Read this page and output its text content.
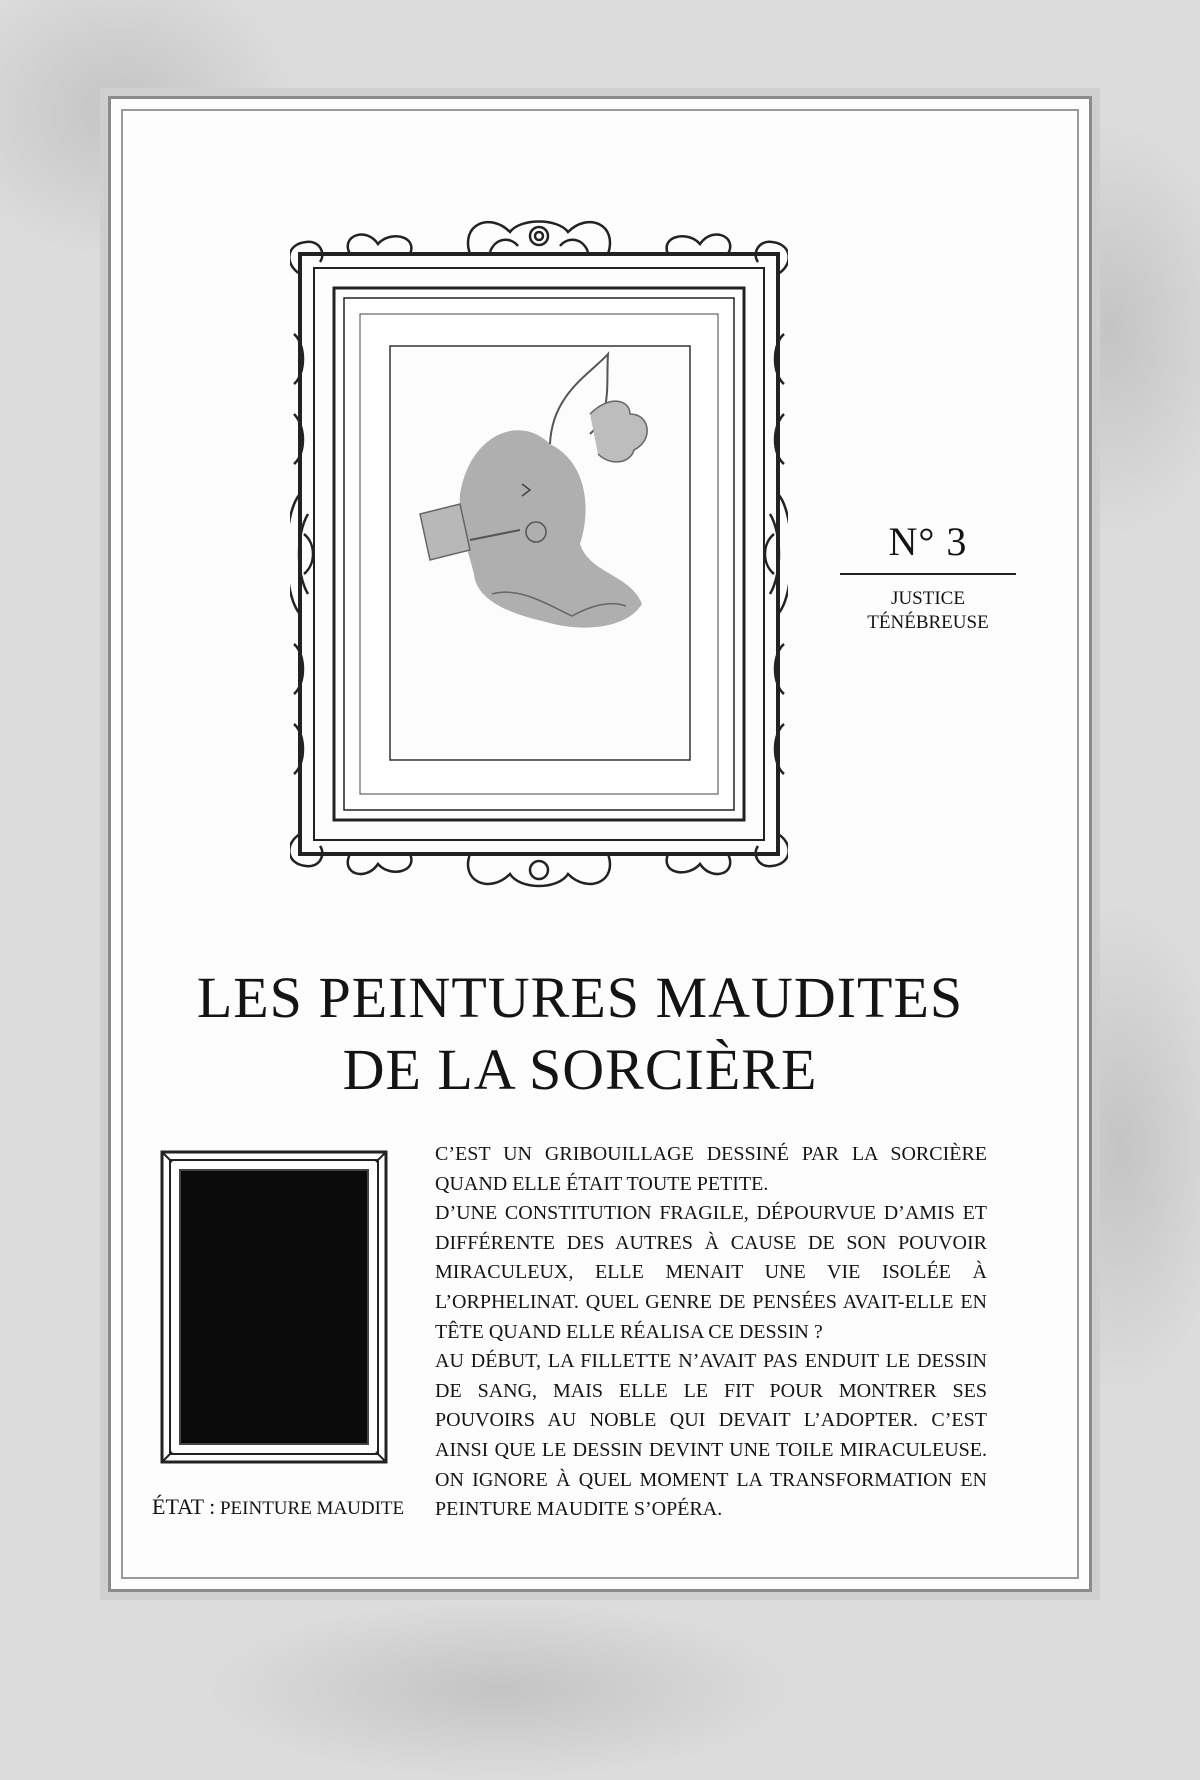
N° 3
JUSTICE
TÉNÉBREUSE
LES PEINTURES MAUDITES
DE LA SORCIÈRE
ÉTAT : PEINTURE MAUDITE

C’EST UN GRIBOUILLAGE DESSINÉ PAR LA SORCIÈRE QUAND ELLE ÉTAIT TOUTE PETITE.

D’UNE CONSTITUTION FRAGILE, DÉPOURVUE D’AMIS ET DIFFÉRENTE DES AUTRES À CAUSE DE SON POUVOIR MIRACULEUX, ELLE MENAIT UNE VIE ISOLÉE À L’ORPHELINAT. QUEL GENRE DE PENSÉES AVAIT-ELLE EN TÊTE QUAND ELLE RÉALISA CE DESSIN ?

AU DÉBUT, LA FILLETTE N’AVAIT PAS ENDUIT LE DESSIN DE SANG, MAIS ELLE LE FIT POUR MONTRER SES POUVOIRS AU NOBLE QUI DEVAIT L’ADOPTER. C’EST AINSI QUE LE DESSIN DEVINT UNE TOILE MIRACULEUSE. ON IGNORE À QUEL MOMENT LA TRANSFORMATION EN PEINTURE MAUDITE S’OPÉRA.
